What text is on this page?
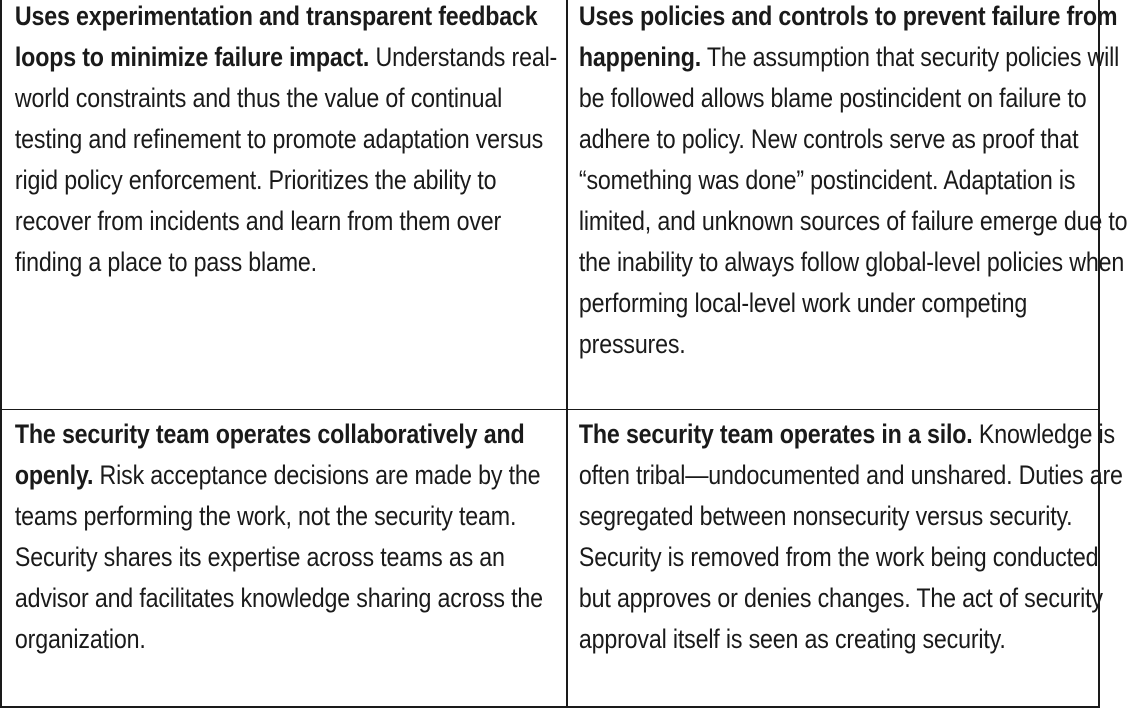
Uses experimentation and transparent feedback loops to minimize failure impact. Understands real-world constraints and thus the value of continual testing and refinement to promote adaptation versus rigid policy enforcement. Prioritizes the ability to recover from incidents and learn from them over finding a place to pass blame.
Uses policies and controls to prevent failure from happening. The assumption that security policies will be followed allows blame postincident on failure to adhere to policy. New controls serve as proof that “something was done” postincident. Adaptation is limited, and unknown sources of failure emerge due to the inability to always follow global-level policies when performing local-level work under competing pressures.
The security team operates collaboratively and openly. Risk acceptance decisions are made by the teams performing the work, not the security team. Security shares its expertise across teams as an advisor and facilitates knowledge sharing across the organization.
The security team operates in a silo. Knowledge is often tribal—undocumented and unshared. Duties are segregated between nonsecurity versus security. Security is removed from the work being conducted but approves or denies changes. The act of security approval itself is seen as creating security.
